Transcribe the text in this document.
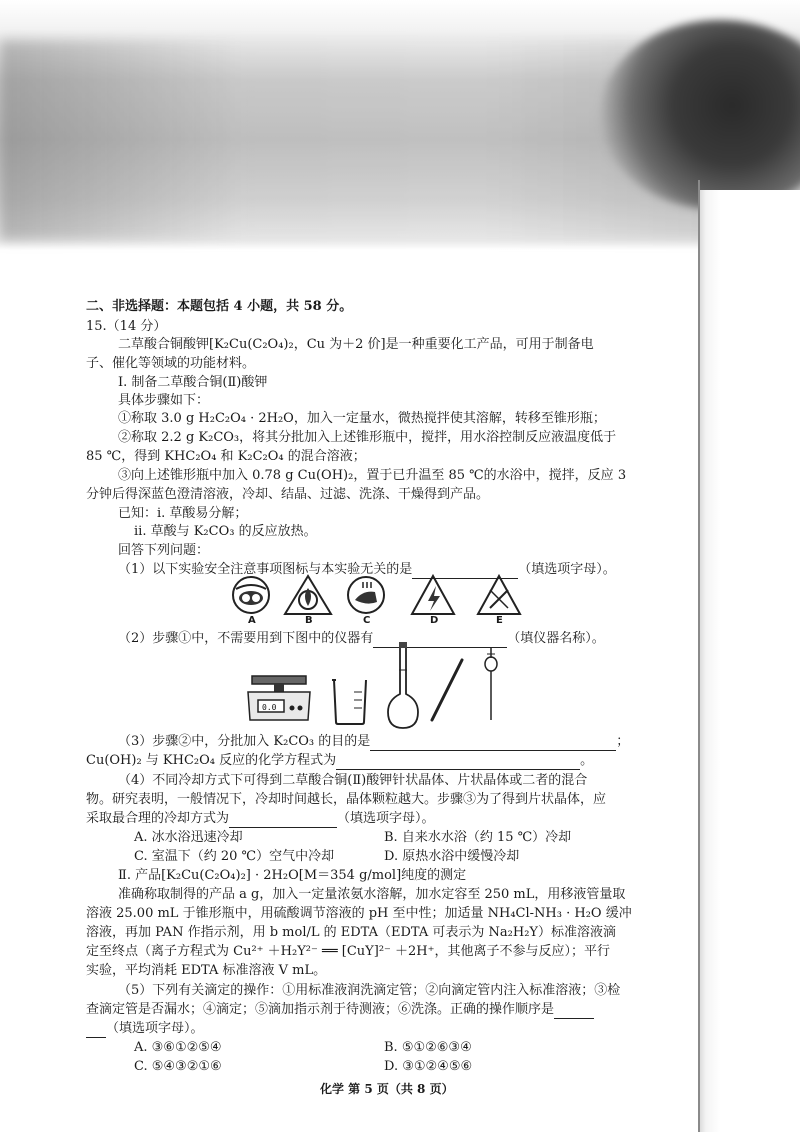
二、非选择题：本题包括 4 小题，共 58 分。
15.（14 分）
二草酸合铜酸钾[K₂Cu(C₂O₄)₂，Cu 为＋2 价]是一种重要化工产品，可用于制备电
子、催化等领域的功能材料。
Ⅰ. 制备二草酸合铜(Ⅱ)酸钾
具体步骤如下：
①称取 3.0 g H₂C₂O₄ · 2H₂O，加入一定量水，微热搅拌使其溶解，转移至锥形瓶；
②称取 2.2 g K₂CO₃，将其分批加入上述锥形瓶中，搅拌，用水浴控制反应液温度低于
85 ℃，得到 KHC₂O₄ 和 K₂C₂O₄ 的混合溶液；
③向上述锥形瓶中加入 0.78 g Cu(OH)₂，置于已升温至 85 ℃的水浴中，搅拌，反应 3
分钟后得深蓝色澄清溶液，冷却、结晶、过滤、洗涤、干燥得到产品。
已知：ⅰ. 草酸易分解；
ⅱ. 草酸与 K₂CO₃ 的反应放热。
回答下列问题：
（1）以下实验安全注意事项图标与本实验无关的是	（填选项字母）。
A	B	C	D	E
（2）步骤①中，不需要用到下图中的仪器有	（填仪器名称）。
0.0
（3）步骤②中，分批加入 K₂CO₃ 的目的是	；
Cu(OH)₂ 与 KHC₂O₄ 反应的化学方程式为	。
（4）不同冷却方式下可得到二草酸合铜(Ⅱ)酸钾针状晶体、片状晶体或二者的混合
物。研究表明，一般情况下，冷却时间越长，晶体颗粒越大。步骤③为了得到片状晶体，应
采取最合理的冷却方式为	（填选项字母）。
A. 冰水浴迅速冷却	B. 自来水水浴（约 15 ℃）冷却
C. 室温下（约 20 ℃）空气中冷却	D. 原热水浴中缓慢冷却
Ⅱ. 产品[K₂Cu(C₂O₄)₂] · 2H₂O[M＝354 g/mol]纯度的测定
准确称取制得的产品 a g，加入一定量浓氨水溶解，加水定容至 250 mL，用移液管量取
溶液 25.00 mL 于锥形瓶中，用硫酸调节溶液的 pH 至中性；加适量 NH₄Cl-NH₃ · H₂O 缓冲
溶液，再加 PAN 作指示剂，用 b mol/L 的 EDTA（EDTA 可表示为 Na₂H₂Y）标准溶液滴
定至终点（离子方程式为 Cu²⁺ ＋H₂Y²⁻ ══ [CuY]²⁻ ＋2H⁺，其他离子不参与反应）；平行
实验，平均消耗 EDTA 标准溶液 V mL。
（5）下列有关滴定的操作：①用标准液润洗滴定管；②向滴定管内注入标准溶液；③检
查滴定管是否漏水；④滴定；⑤滴加指示剂于待测液；⑥洗涤。正确的操作顺序是
（填选项字母）。
A. ③⑥①②⑤④	B. ⑤①②⑥③④
C. ⑤④③②①⑥	D. ③①②④⑤⑥
化学 第 5 页（共 8 页）
